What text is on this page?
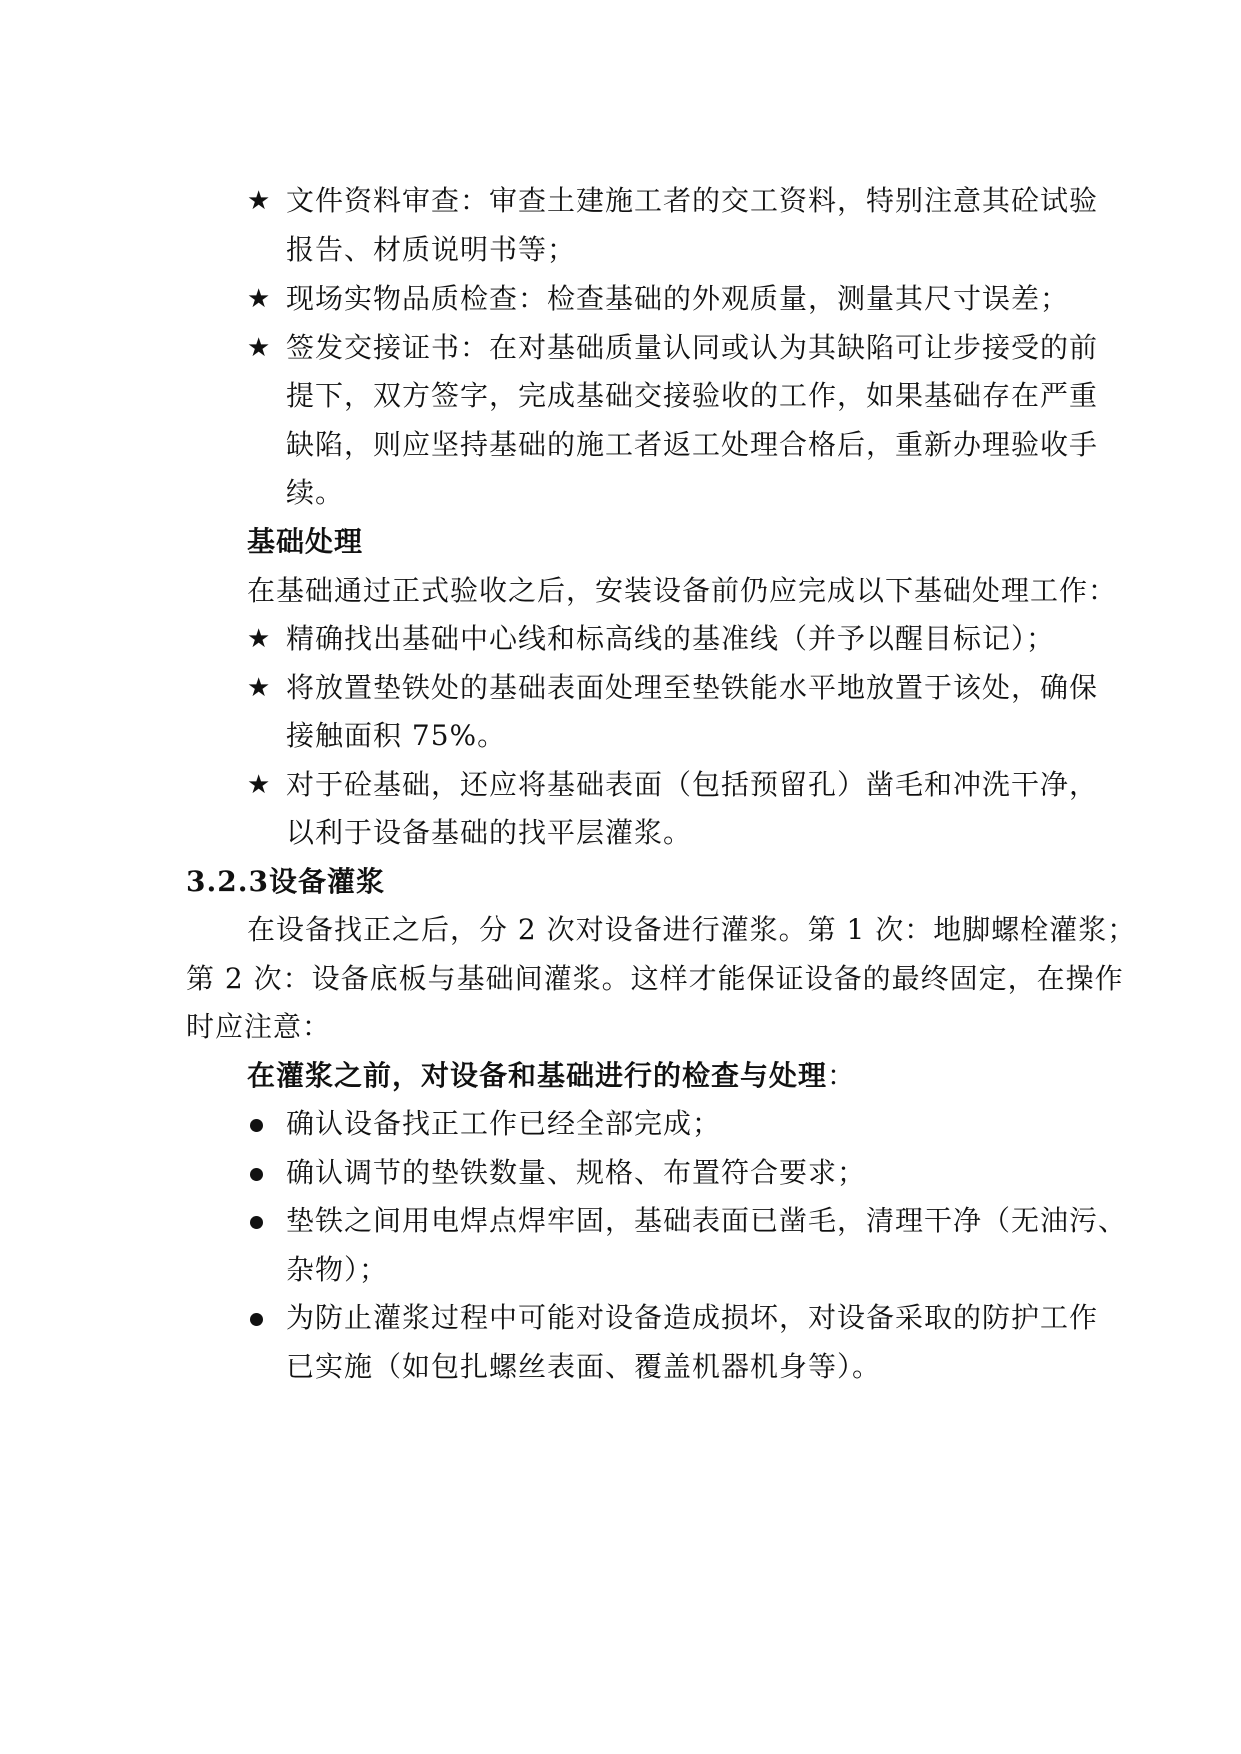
★ 文件资料审查：审查土建施工者的交工资料，特别注意其砼试验
报告、材质说明书等；
★ 现场实物品质检查：检查基础的外观质量，测量其尺寸误差；
★ 签发交接证书：在对基础质量认同或认为其缺陷可让步接受的前
提下，双方签字，完成基础交接验收的工作，如果基础存在严重
缺陷，则应坚持基础的施工者返工处理合格后，重新办理验收手
续。
基础处理
在基础通过正式验收之后，安装设备前仍应完成以下基础处理工作：
★ 精确找出基础中心线和标高线的基准线（并予以醒目标记）；
★ 将放置垫铁处的基础表面处理至垫铁能水平地放置于该处，确保
接触面积 75%。
★ 对于砼基础，还应将基础表面（包括预留孔）凿毛和冲洗干净，
以利于设备基础的找平层灌浆。
3.2.3设备灌浆
在设备找正之后，分 2 次对设备进行灌浆。第 1 次：地脚螺栓灌浆；
第 2 次：设备底板与基础间灌浆。这样才能保证设备的最终固定，在操作
时应注意：
在灌浆之前，对设备和基础进行的检查与处理：
确认设备找正工作已经全部完成；
确认调节的垫铁数量、规格、布置符合要求；
垫铁之间用电焊点焊牢固，基础表面已凿毛，清理干净（无油污、
杂物）；
为防止灌浆过程中可能对设备造成损坏，对设备采取的防护工作
已实施（如包扎螺丝表面、覆盖机器机身等）。
